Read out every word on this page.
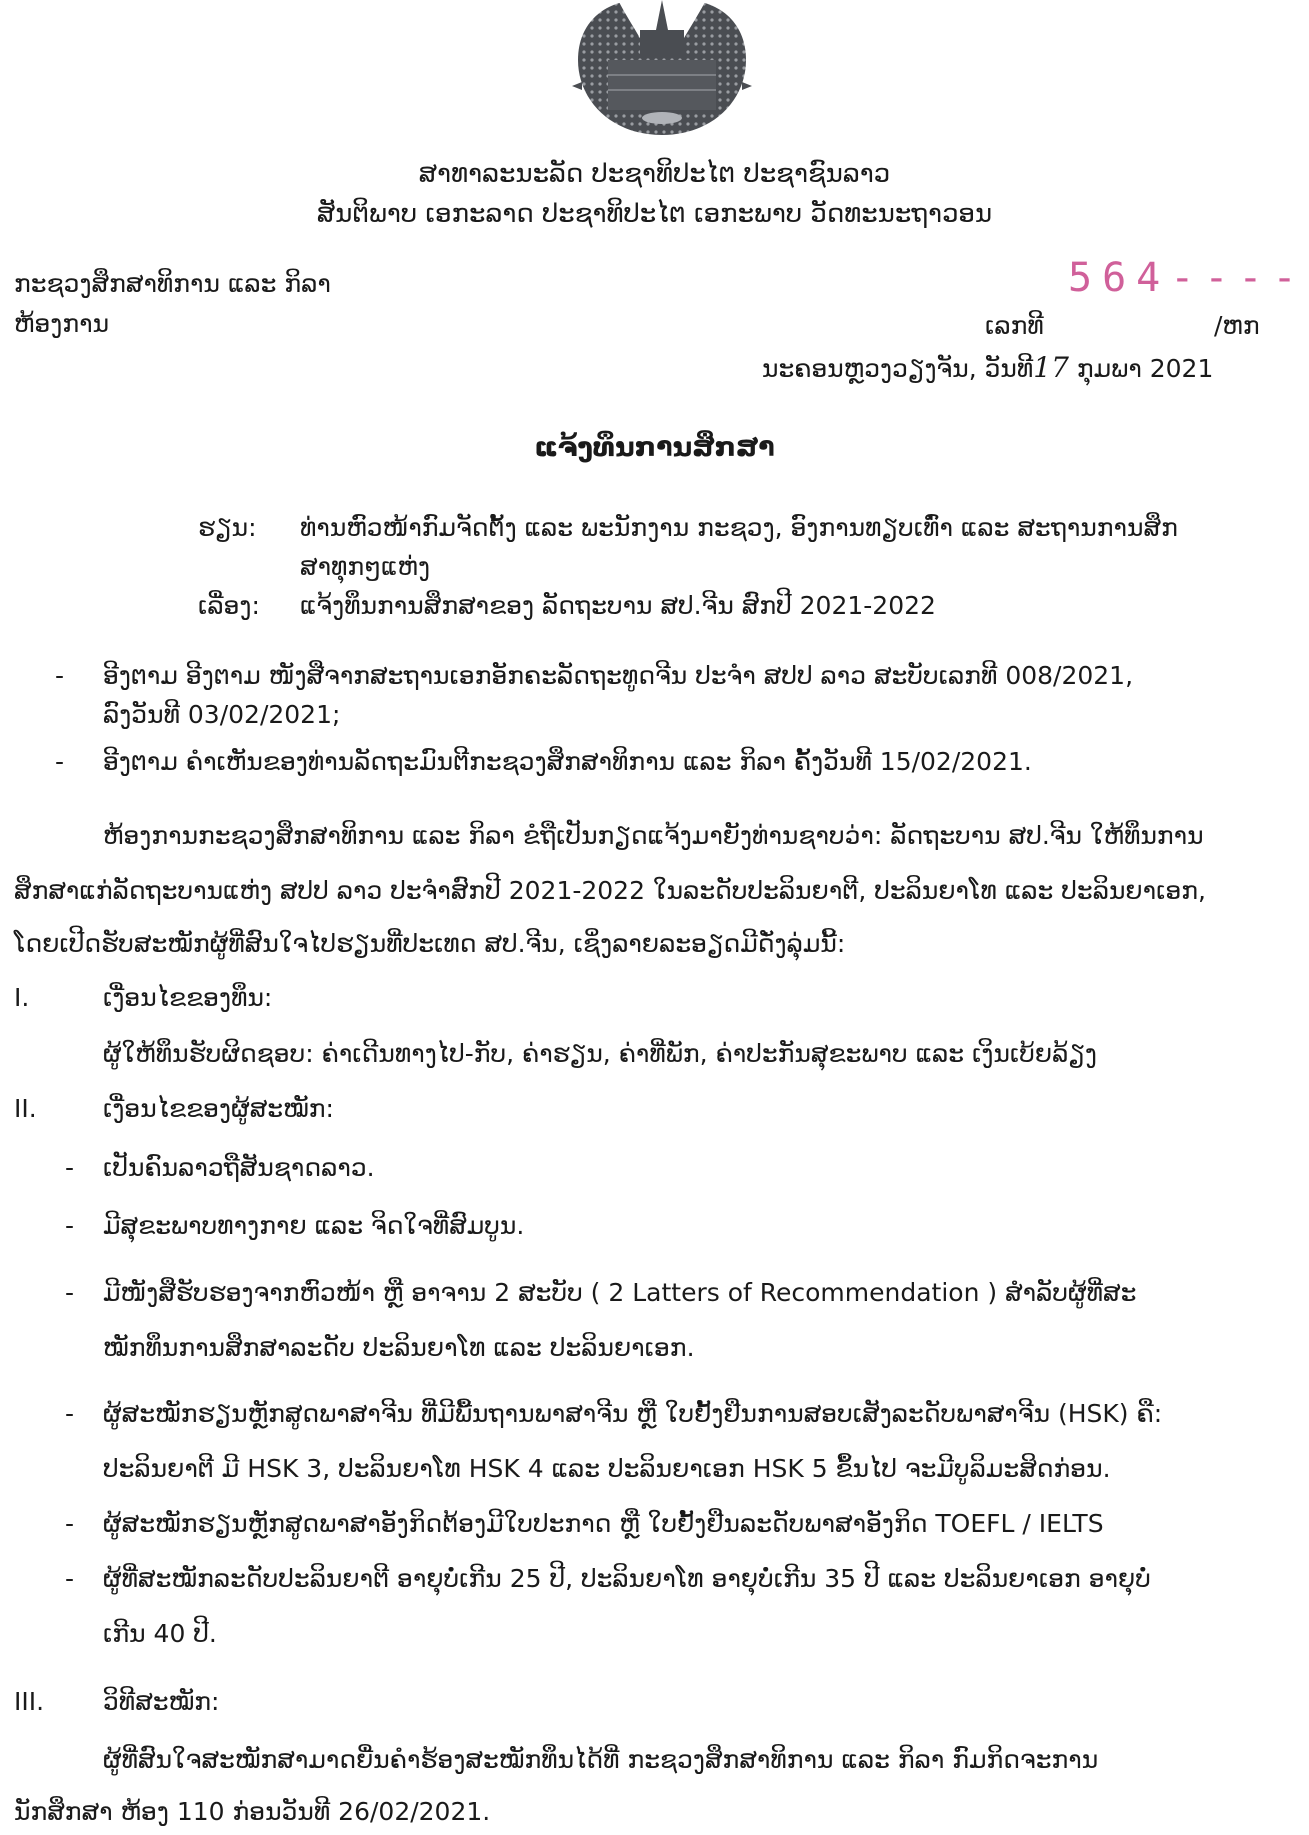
ສາທາລະນະລັດ ປະຊາທິປະໄຕ ປະຊາຊົນລາວ
ສັນຕິພາບ ເອກະລາດ ປະຊາທິປະໄຕ ເອກະພາບ ວັດທະນະຖາວອນ
ກະຊວງສຶກສາທິການ ແລະ ກິລາ
ຫ້ອງການ
564----
ເລກທີ	/ຫກ
ນະຄອນຫຼວງວຽງຈັນ, ວັນທີ17 ກຸມພາ 2021
ແຈ້ງທຶນການສຶກສາ
ຮຽນ: ທ່ານຫົວໜ້າກົມຈັດຕັ້ງ ແລະ ພະນັກງານ ກະຊວງ, ອົງການທຽບເທົ່າ ແລະ ສະຖານການສຶກ
ສາທຸກໆແຫ່ງ
ເລື່ອງ: ແຈ້ງທຶນການສຶກສາຂອງ ລັດຖະບານ ສປ.ຈີນ ສົກປີ 2021-2022
- ອີງຕາມ ອີງຕາມ ໜັງສືຈາກສະຖານເອກອັກຄະລັດຖະທູດຈີນ ປະຈໍາ ສປປ ລາວ ສະບັບເລກທີ 008/2021,
ລົງວັນທີ 03/02/2021;
- ອີງຕາມ ຄໍາເຫັນຂອງທ່ານລັດຖະມົນຕີກະຊວງສຶກສາທິການ ແລະ ກິລາ ຄັ້ງວັນທີ 15/02/2021.
ຫ້ອງການກະຊວງສຶກສາທິການ ແລະ ກິລາ ຂໍຖືເປັນກຽດແຈ້ງມາຍັງທ່ານຊາບວ່າ: ລັດຖະບານ ສປ.ຈີນ ໃຫ້ທຶນການ
ສຶກສາແກ່ລັດຖະບານແຫ່ງ ສປປ ລາວ ປະຈໍາສົກປີ 2021-2022 ໃນລະດັບປະລິນຍາຕີ, ປະລິນຍາໂທ ແລະ ປະລິນຍາເອກ,
ໂດຍເປີດຮັບສະໝັກຜູ້ທີ່ສົນໃຈໄປຮຽນທີ່ປະເທດ ສປ.ຈີນ, ເຊິ່ງລາຍລະອຽດມີດັ່ງລຸ່ມນີ້:
I.	ເງື່ອນໄຂຂອງທຶນ:
ຜູ້ໃຫ້ທຶນຮັບຜິດຊອບ: ຄ່າເດີນທາງໄປ-ກັບ, ຄ່າຮຽນ, ຄ່າທີ່ພັກ, ຄ່າປະກັນສຸຂະພາບ ແລະ ເງິນເບ້ຍລ້ຽງ
II.	ເງື່ອນໄຂຂອງຜູ້ສະໝັກ:
- ເປັນຄົນລາວຖືສັນຊາດລາວ.
- ມີສຸຂະພາບທາງກາຍ ແລະ ຈິດໃຈທີ່ສົມບູນ.
- ມີໜັງສືຮັບຮອງຈາກຫົວໜ້າ ຫຼື ອາຈານ 2 ສະບັບ ( 2 Latters of Recommendation ) ສໍາລັບຜູ້ທີ່ສະ
ໝັກທຶນການສຶກສາລະດັບ ປະລິນຍາໂທ ແລະ ປະລິນຍາເອກ.
- ຜູ້ສະໝັກຮຽນຫຼັກສູດພາສາຈີນ ທີ່ມີພື້ນຖານພາສາຈີນ ຫຼື ໃບຢັ້ງຢືນການສອບເສັງລະດັບພາສາຈີນ (HSK) ຄື:
ປະລິນຍາຕີ ມີ HSK 3, ປະລິນຍາໂທ HSK 4 ແລະ ປະລິນຍາເອກ HSK 5 ຂຶ້ນໄປ ຈະມີບູລິມະສິດກ່ອນ.
- ຜູ້ສະໝັກຮຽນຫຼັກສູດພາສາອັງກິດຕ້ອງມີໃບປະກາດ ຫຼື ໃບຢັ້ງຢືນລະດັບພາສາອັງກິດ TOEFL / IELTS
- ຜູ້ທີ່ສະໝັກລະດັບປະລິນຍາຕີ ອາຍຸບໍ່ເກີນ 25 ປີ, ປະລິນຍາໂທ ອາຍຸບໍ່ເກີນ 35 ປີ ແລະ ປະລິນຍາເອກ ອາຍຸບໍ່
ເກີນ 40 ປີ.
III. ວິທີສະໝັກ:
ຜູ້ທີ່ສົນໃຈສະໝັກສາມາດຍື່ນຄໍາຮ້ອງສະໝັກທຶນໄດ້ທີ່ ກະຊວງສຶກສາທິການ ແລະ ກິລາ ກົມກິດຈະການ
ນັກສຶກສາ ຫ້ອງ 110 ກ່ອນວັນທີ 26/02/2021.
